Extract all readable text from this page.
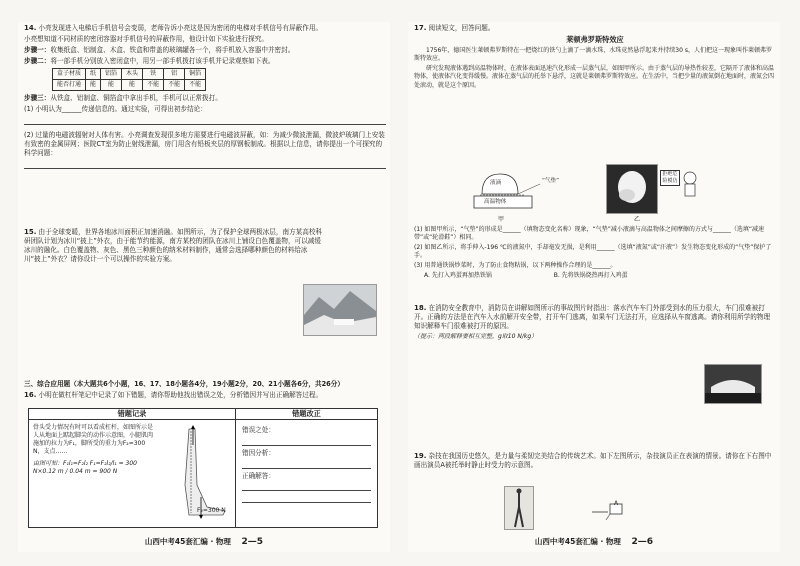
14. 小亮发现进入电梯后手机信号会变弱，老师告诉小亮这是因为密闭的电梯对手机信号有屏蔽作用。

小亮想知道不同材质的密闭容器对手机信号的屏蔽作用，他设计如下实验进行探究。

步骤一：收集纸盒、铝制盒、木盒、铁盒和带盖的玻璃罐各一个，将手机放入容器中并密封。

步骤二：将一部手机分别放入密闭盒中，用另一部手机拨打该手机并记录观察如下表。

盒子材质	纸	铝箔	木头	铁	铝	铜箔
能否打通	能	能	能	不能	不能	不能

步骤三：从铁盒、铝制盒、铜箔盒中拿出手机，手机可以正常拨打。

(1) 小明认为______传递信息的。通过实验，可得出初步结论：

(2) 过量的电磁波辐射对人体有害。小亮调查发现很多地方需要进行电磁波屏蔽，如：为减少微波泄漏，微波炉玻璃门上安装有致密的金属屏网；医院CT室为防止射线泄漏，房门用含有铅板夹层的厚钢板制成。根据以上信息，请你提出一个可探究的科学问题：

15. 由于全球变暖，世界各地冰川面积正加速消融。如图所示，为了保护全球两极冰层，南方某高校科研团队计划为冰川“披上”外衣，由于能节约能源，南方某校的团队在冰川上铺设白色覆盖物，可以减缓冰川的融化。白色覆盖物、灰色、黑色三种颜色的纳米材料制作，通常会选择哪种颜色的材料给冰川“披上”外衣？请你设计一个可以操作的实验方案。

三、综合应用题（本大题共6个小题，16、17、18小题各4分，19小题2分，20、21小题各6分，共26分）

16. 小明在做杠杆笔记中记录了如下错题，请你帮助他找出错误之处，分析错因并写出正确解答过程。

错题记录
骨头受力情况有时可以看成杠杆，如图所示是人从地面上踮起脚尖的动作示意图，小腿肌肉施加的拉力为F₁，脚所受的重力为F₂=300 N，支点……
由图可知：F₁l₁=F₂l₂ F₁=F₂l₂/l₁ = 300 N×0.12 m / 0.04 m = 900 N
F₂=300 N
错题改正

错误之处：

错因分析：

正确解答：

山西中考45套汇编 · 物理 2—5

17. 阅读短文，回答问题。

莱顿弗罗斯特效应

1756年，德国医生莱顿弗罗斯特在一把烧红的铁勺上滴了一滴水珠，水珠竟然悬浮起来并持续30 s，人们把这一现象叫作莱顿弗罗斯特效应。

研究发现液体遇到高温物体时，在液体表面迅速汽化形成一层蒸气层，如图甲所示。由于蒸气层的导热性较差，它隔开了液体和高温物体，使液体汽化变得缓慢。液体在蒸气层的托举下悬浮，这就是莱顿弗罗斯特效应。在生活中，当把少量的液氮倒在地面时，液氮会四处滚动，就是这个原因。

液滴	“气垫”
高温物体
甲
拒绝危险模仿
乙

(1) 如图甲所示，“气垫”的形成是______（填物态变化名称）现象，“气垫”减小液滴与高温物体之间摩擦的方式与______（选填“减速带”或“轮滑鞋”）相同。

(2) 如图乙所示，将手伸入-196 ℃的液氮中，手却毫发无损，是利用______（选填“液氮”或“汗液”）发生物态变化形成的“气垫”保护了手。

(3) 用普通铁锅炒菜时，为了防止食物粘锅，以下两种操作合理的是______。

A. 先打入鸡蛋再加热铁锅	B. 先将铁锅烧热再打入鸡蛋

18. 在消防安全教育中，消防员在讲解如图所示的事故图片时指出：落水汽车车门外部受到水的压力很大，车门很难被打开。正确的方法是在汽车入水前解开安全带，打开车门逃离，如果车门无法打开，应选择从车窗逃离。请你利用所学的物理知识解释车门很难被打开的原因。

（提示：两段解释要相互完整，g取10 N/kg）

19. 杂技在我国历史悠久，是力量与柔韧完美结合的传统艺术。如下左图所示，杂技演员正在表演的情景。请你在下右图中画出演员A被托举时静止时受力的示意图。

A
山西中考45套汇编 · 物理 2—6
